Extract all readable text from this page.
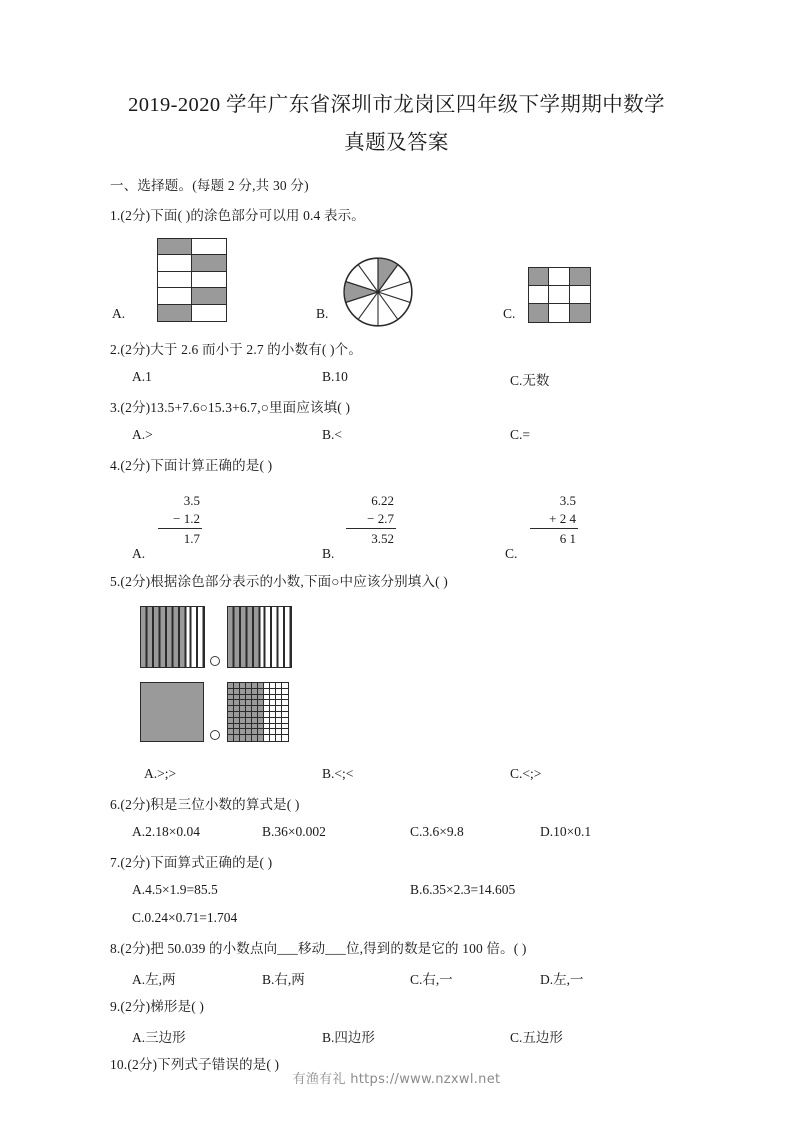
2019-2020 学年广东省深圳市龙岗区四年级下学期期中数学
真题及答案
一、选择题。(每题 2 分,共 30 分)
1.(2分)下面( )的涂色部分可以用 0.4 表示。
A.	B.	C.
2.(2分)大于 2.6 而小于 2.7 的小数有( )个。
A.1	B.10	C.无数
3.(2分)13.5+7.6○15.3+6.7,○里面应该填( )
A.>	B.<	C.=
4.(2分)下面计算正确的是( )
A.
3.5
− 1.2
1.7
B.
6.22
− 2.7
3.52
C.
3.5
+ 2 4
6 1
5.(2分)根据涂色部分表示的小数,下面○中应该分别填入( )
A.>;>	B.<;<	C.<;>
6.(2分)积是三位小数的算式是( )
A.2.18×0.04	B.36×0.002	C.3.6×9.8	D.10×0.1
7.(2分)下面算式正确的是( )
A.4.5×1.9=85.5	B.6.35×2.3=14.605
C.0.24×0.71=1.704
8.(2分)把 50.039 的小数点向___移动___位,得到的数是它的 100 倍。( )
A.左,两	B.右,两	C.右,一	D.左,一
9.(2分)梯形是( )
A.三边形	B.四边形	C.五边形
10.(2分)下列式子错误的是( )
有渔有礼 https://www.nzxwl.net
